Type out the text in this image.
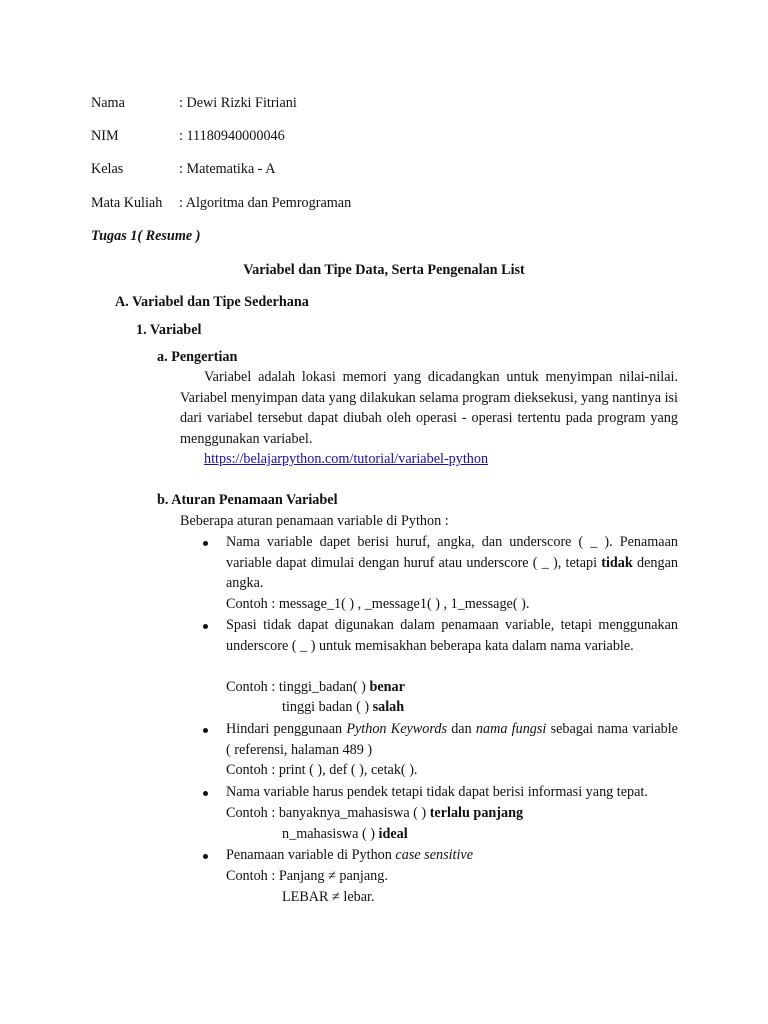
Nama	: Dewi Rizki Fitriani
NIM	: 11180940000046
Kelas	: Matematika - A
Mata Kuliah : Algoritma dan Pemrograman
Tugas 1( Resume )
Variabel dan Tipe Data, Serta Pengenalan List
A. Variabel dan Tipe Sederhana
1. Variabel
a. Pengertian
Variabel adalah lokasi memori yang dicadangkan untuk menyimpan nilai-nilai. Variabel menyimpan data yang dilakukan selama program dieksekusi, yang nantinya isi dari variabel tersebut dapat diubah oleh operasi - operasi tertentu pada program yang menggunakan variabel.
https://belajarpython.com/tutorial/variabel-python
b. Aturan Penamaan Variabel
Beberapa aturan penamaan variable di Python :
Nama variable dapet berisi huruf, angka, dan underscore ( _ ). Penamaan variable dapat dimulai dengan huruf atau underscore ( _ ), tetapi tidak dengan angka.
Contoh : message_1( ) , _message1( ) , 1_message( ).
Spasi tidak dapat digunakan dalam penamaan variable, tetapi menggunakan underscore ( _ ) untuk memisakhan beberapa kata dalam nama variable.
Contoh : tinggi_badan( ) benar
tinggi badan ( ) salah
Hindari penggunaan Python Keywords dan nama fungsi sebagai nama variable ( referensi, halaman 489 )
Contoh : print ( ), def ( ), cetak( ).
Nama variable harus pendek tetapi tidak dapat berisi informasi yang tepat.
Contoh : banyaknya_mahasiswa ( ) terlalu panjang
n_mahasiswa ( ) ideal
Penamaan variable di Python case sensitive
Contoh : Panjang ≠ panjang.
LEBAR ≠ lebar.
